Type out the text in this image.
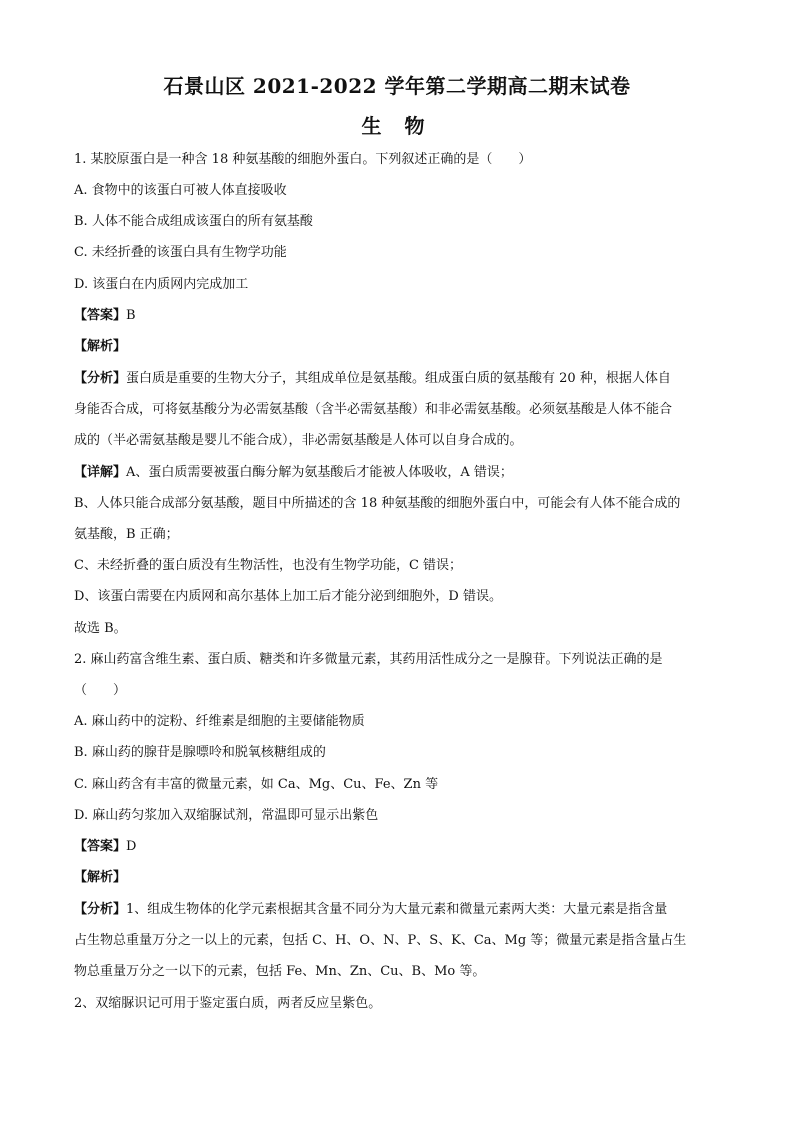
石景山区 2021-2022 学年第二学期高二期末试卷
生 物
1. 某胶原蛋白是一种含 18 种氨基酸的细胞外蛋白。下列叙述正确的是（　　）
A. 食物中的该蛋白可被人体直接吸收
B. 人体不能合成组成该蛋白的所有氨基酸
C. 未经折叠的该蛋白具有生物学功能
D. 该蛋白在内质网内完成加工
【答案】B
【解析】
【分析】蛋白质是重要的生物大分子，其组成单位是氨基酸。组成蛋白质的氨基酸有 20 种，根据人体自
身能否合成，可将氨基酸分为必需氨基酸（含半必需氨基酸）和非必需氨基酸。必须氨基酸是人体不能合
成的（半必需氨基酸是婴儿不能合成），非必需氨基酸是人体可以自身合成的。
【详解】A、蛋白质需要被蛋白酶分解为氨基酸后才能被人体吸收，A 错误；
B、人体只能合成部分氨基酸，题目中所描述的含 18 种氨基酸的细胞外蛋白中，可能会有人体不能合成的
氨基酸，B 正确；
C、未经折叠的蛋白质没有生物活性，也没有生物学功能，C 错误；
D、该蛋白需要在内质网和高尔基体上加工后才能分泌到细胞外，D 错误。
故选 B。
2. 麻山药富含维生素、蛋白质、糖类和许多微量元素，其药用活性成分之一是腺苷。下列说法正确的是
（　　）
A. 麻山药中的淀粉、纤维素是细胞的主要储能物质
B. 麻山药的腺苷是腺嘌呤和脱氧核糖组成的
C. 麻山药含有丰富的微量元素，如 Ca、Mg、Cu、Fe、Zn 等
D. 麻山药匀浆加入双缩脲试剂，常温即可显示出紫色
【答案】D
【解析】
【分析】1、组成生物体的化学元素根据其含量不同分为大量元素和微量元素两大类：大量元素是指含量
占生物总重量万分之一以上的元素，包括 C、H、O、N、P、S、K、Ca、Mg 等；微量元素是指含量占生
物总重量万分之一以下的元素，包括 Fe、Mn、Zn、Cu、B、Mo 等。
2、双缩脲识记可用于鉴定蛋白质，两者反应呈紫色。
